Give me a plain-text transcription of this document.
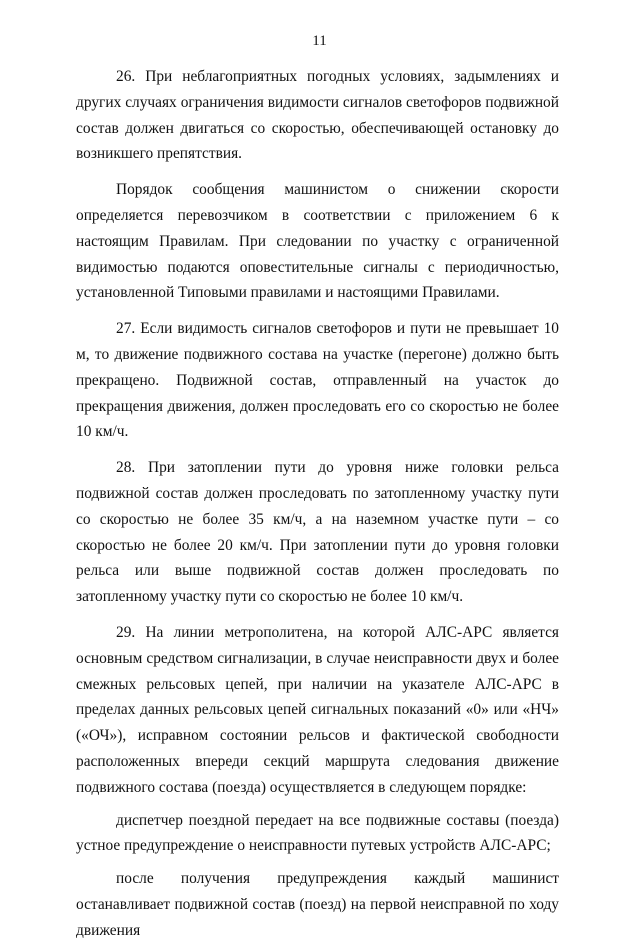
11

26. При неблагоприятных погодных условиях, задымлениях и других случаях ограничения видимости сигналов светофоров подвижной состав должен двигаться со скоростью, обеспечивающей остановку до возникшего препятствия.

Порядок сообщения машинистом о снижении скорости определяется перевозчиком в соответствии с приложением 6 к настоящим Правилам. При следовании по участку с ограниченной видимостью подаются оповестительные сигналы с периодичностью, установленной Типовыми правилами и настоящими Правилами.

27. Если видимость сигналов светофоров и пути не превышает 10 м, то движение подвижного состава на участке (перегоне) должно быть прекращено. Подвижной состав, отправленный на участок до прекращения движения, должен проследовать его со скоростью не более 10 км/ч.

28. При затоплении пути до уровня ниже головки рельса подвижной состав должен проследовать по затопленному участку пути со скоростью не более 35 км/ч, а на наземном участке пути – со скоростью не более 20 км/ч. При затоплении пути до уровня головки рельса или выше подвижной состав должен проследовать по затопленному участку пути со скоростью не более 10 км/ч.

29. На линии метрополитена, на которой АЛС-АРС является основным средством сигнализации, в случае неисправности двух и более смежных рельсовых цепей, при наличии на указателе АЛС-АРС в пределах данных рельсовых цепей сигнальных показаний «0» или «НЧ» («ОЧ»), исправном состоянии рельсов и фактической свободности расположенных впереди секций маршрута следования движение подвижного состава (поезда) осуществляется в следующем порядке:

диспетчер поездной передает на все подвижные составы (поезда) устное предупреждение о неисправности путевых устройств АЛС-АРС;

после получения предупреждения каждый машинист останавливает подвижной состав (поезд) на первой неисправной по ходу движения
